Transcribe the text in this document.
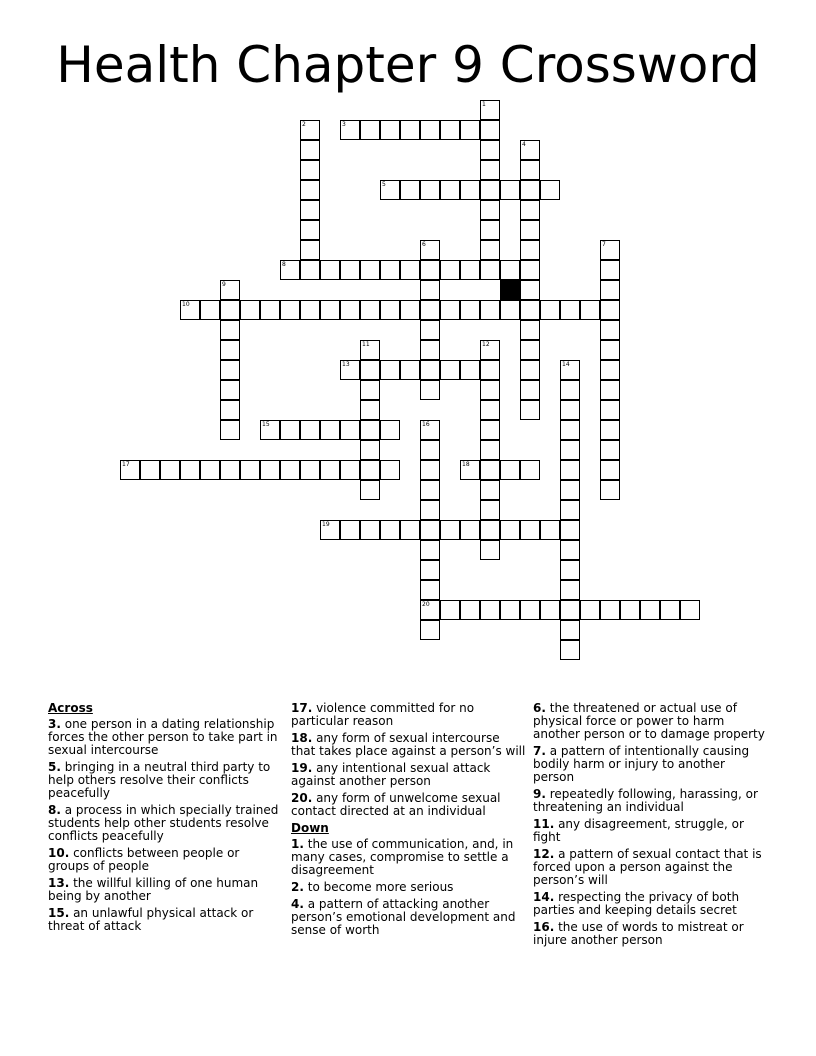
Health Chapter 9 Crossword
1
2	3
4
5
6	7
8
9
10
11	12
13	14
15	16
20
17	18
19
Across
3. one person in a dating relationship forces the other person to take part in sexual intercourse
5. bringing in a neutral third party to help others resolve their conflicts peacefully
8. a process in which specially trained students help other students resolve conflicts peacefully
10. conflicts between people or groups of people
13. the willful killing of one human being by another
15. an unlawful physical attack or threat of attack
17. violence committed for no particular reason
18. any form of sexual intercourse that takes place against a person’s will
19. any intentional sexual attack against another person
20. any form of unwelcome sexual contact directed at an individual
Down
1. the use of communication, and, in many cases, compromise to settle a disagreement
2. to become more serious
4. a pattern of attacking another person’s emotional development and sense of worth
6. the threatened or actual use of physical force or power to harm another person or to damage property
7. a pattern of intentionally causing bodily harm or injury to another person
9. repeatedly following, harassing, or threatening an individual
11. any disagreement, struggle, or fight
12. a pattern of sexual contact that is forced upon a person against the person’s will
14. respecting the privacy of both parties and keeping details secret
16. the use of words to mistreat or injure another person
